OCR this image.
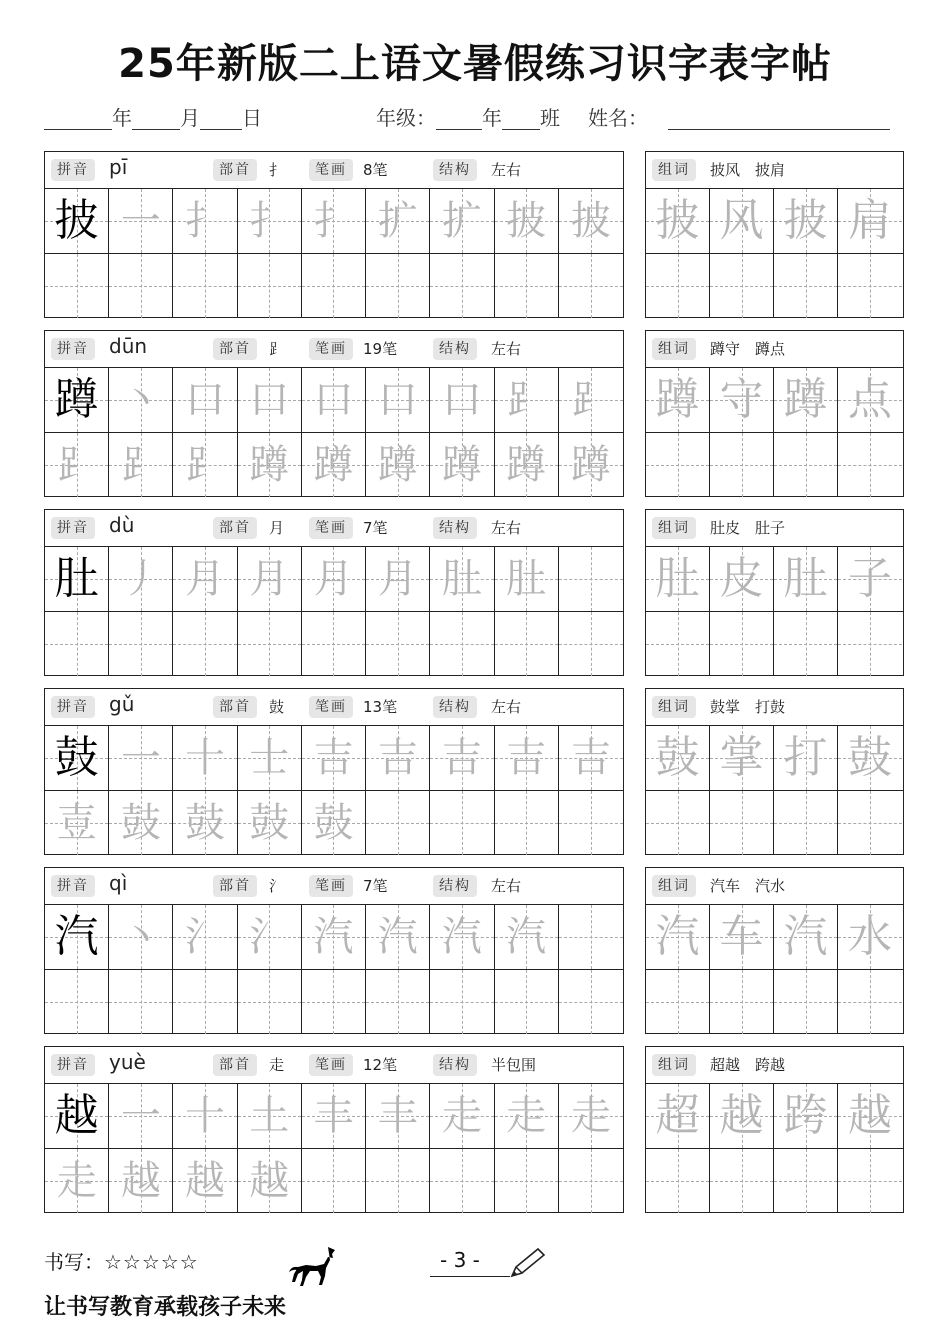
25年新版二上语文暑假练习识字表字帖
年 月 日	年级： 年 班 姓名：
拼音	pī	部首	扌	笔画	8笔	结构	左右
披 一 扌 扌 扌 扩 扩 披 披
组词	披风　披肩
披 风 披 肩
拼音	dūn	部首	⻊	笔画	19笔	结构	左右
蹲 丶 口 口 口 口 口 ⻊ ⻊
⻊ ⻊ ⻊ 蹲 蹲 蹲 蹲 蹲 蹲
组词	蹲守　蹲点
蹲 守 蹲 点
拼音	dù	部首	月	笔画	7笔	结构	左右
肚 丿 月 月 月 月 肚 肚
组词	肚皮　肚子
肚 皮 肚 子
拼音	gǔ	部首	鼓	笔画	13笔	结构	左右
鼓 一 十 士 吉 吉 吉 吉 吉
壴 鼓 鼓 鼓 鼓
组词	鼓掌　打鼓
鼓 掌 打 鼓
拼音	qì	部首	氵	笔画	7笔	结构	左右
汽 丶 氵 氵 汽 汽 汽 汽
组词	汽车　汽水
汽 车 汽 水
拼音	yuè	部首	走	笔画	12笔	结构	半包围
越 一 十 土 丰 丰 走 走 走
走 越 越 越
组词	超越　跨越
超 越 跨 越
书写：☆☆☆☆☆	- 3 -
让书写教育承载孩子未来
